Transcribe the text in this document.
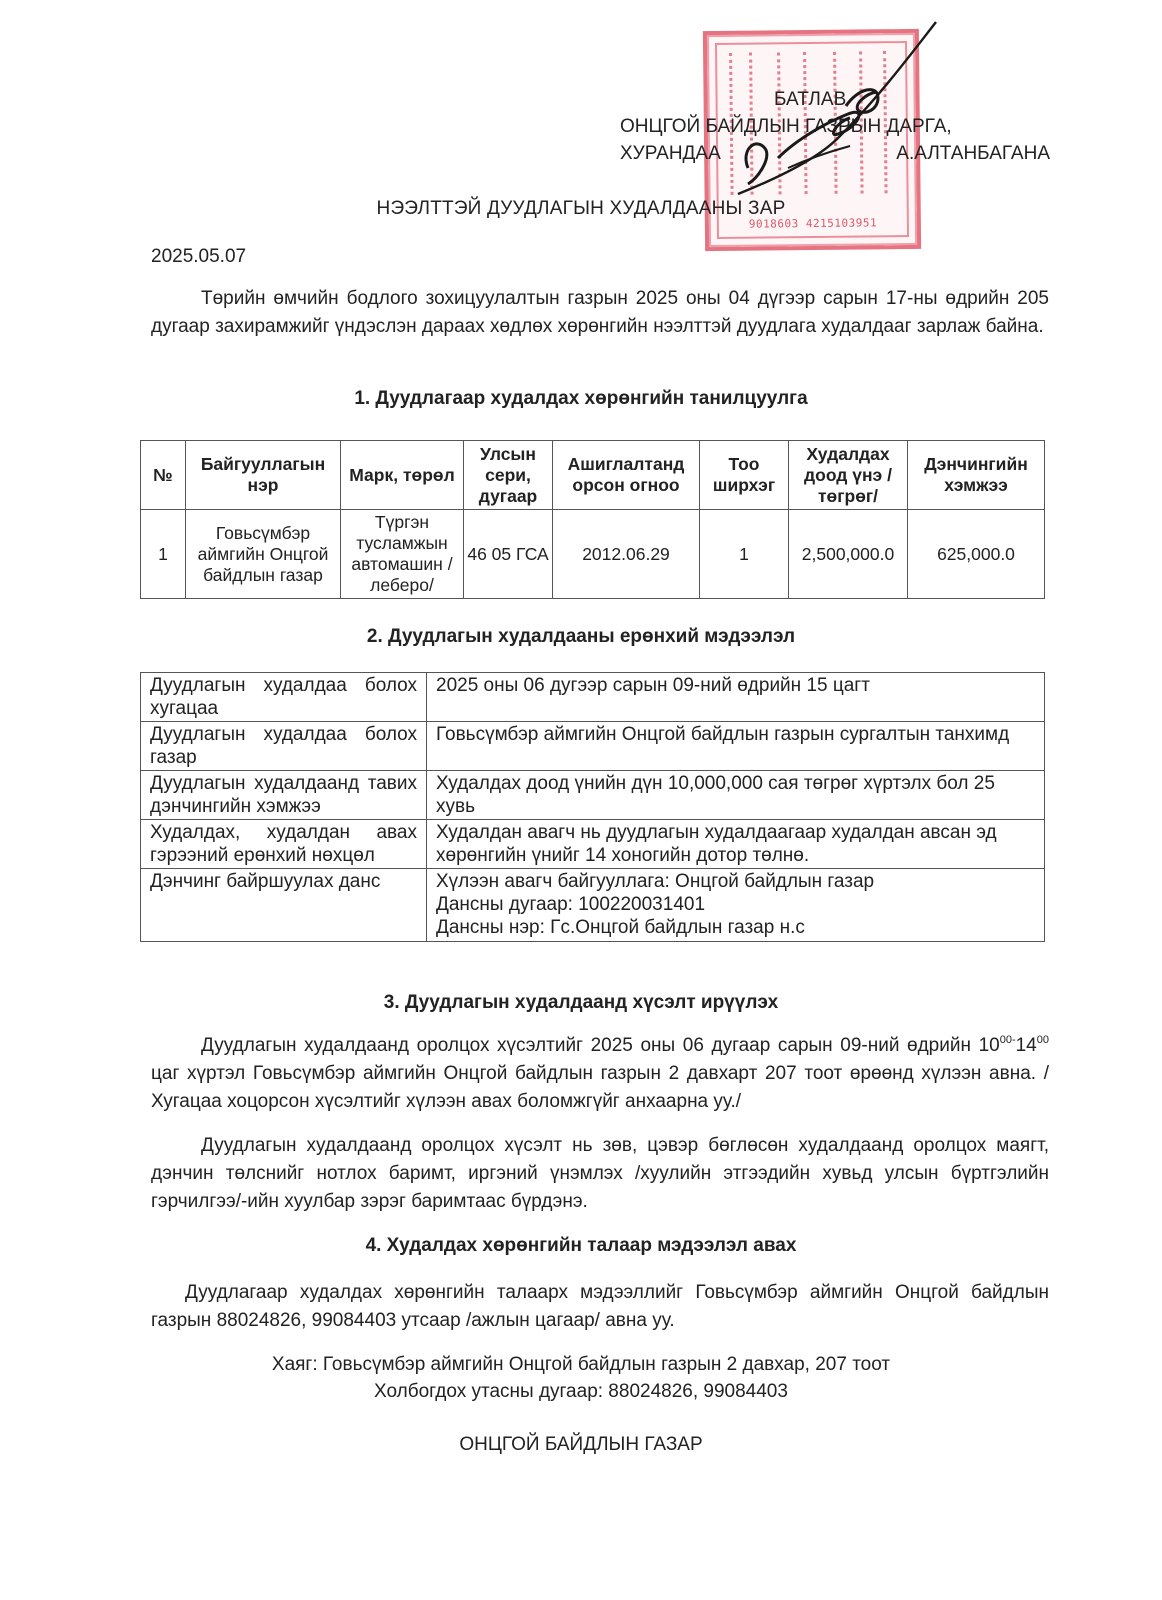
9018603 4215103951
БАТЛАВ
ОНЦГОЙ БАЙДЛЫН ГАЗРЫН ДАРГА,
ХУРАНДАА	А.АЛТАНБАГАНА
НЭЭЛТТЭЙ ДУУДЛАГЫН ХУДАЛДААНЫ ЗАР
2025.05.07
Төрийн өмчийн бодлого зохицуулалтын газрын 2025 оны 04 дүгээр сарын 17-ны өдрийн 205 дугаар захирамжийг үндэслэн дараах хөдлөх хөрөнгийн нээлттэй дуудлага худалдааг зарлаж байна.
1. Дуудлагаар худалдах хөрөнгийн танилцуулга
№	Байгууллагын нэр	Марк, төрөл	Улсын сери, дугаар	Ашиглалтанд орсон огноо	Тоо ширхэг	Худалдах доод үнэ /төгрөг/	Дэнчингийн хэмжээ
1	Говьсүмбэр аймгийн Онцгой байдлын газар	Түргэн тусламжын автомашин /леберо/	46 05 ГСА	2012.06.29	1	2,500,000.0	625,000.0
2. Дуудлагын худалдааны ерөнхий мэдээлэл
Дуудлагын худалдаа болох хугацаа	2025 оны 06 дугээр сарын 09-ний өдрийн 15 цагт
Дуудлагын худалдаа болох газар	Говьсүмбэр аймгийн Онцгой байдлын газрын сургалтын танхимд
Дуудлагын худалдаанд тавих дэнчингийн хэмжээ	Худалдах доод үнийн дүн 10,000,000 сая төгрөг хүртэлх бол 25 хувь
Худалдах, худалдан авах гэрээний ерөнхий нөхцөл	Худалдан авагч нь дуудлагын худалдаагаар худалдан авсан эд хөрөнгийн үнийг 14 хоногийн дотор төлнө.
Дэнчинг байршуулах данс	Хүлээн авагч байгууллага: Онцгой байдлын газар
Дансны дугаар: 100220031401
Дансны нэр: Гс.Онцгой байдлын газар н.с
3. Дуудлагын худалдаанд хүсэлт ирүүлэх
Дуудлагын худалдаанд оролцох хүсэлтийг 2025 оны 06 дугаар сарын 09-ний өдрийн $10^{00-}14^{00}$ цаг хүртэл Говьсүмбэр аймгийн Онцгой байдлын газрын 2 давхарт 207 тоот өрөөнд хүлээн авна. /Хугацаа хоцорсон хүсэлтийг хүлээн авах боломжгүйг анхаарна уу./
Дуудлагын худалдаанд оролцох хүсэлт нь зөв, цэвэр бөглөсөн худалдаанд оролцох маягт, дэнчин төлснийг нотлох баримт, иргэний үнэмлэх /хуулийн этгээдийн хувьд улсын бүртгэлийн гэрчилгээ/-ийн хуулбар зэрэг баримтаас бүрдэнэ.
4. Худалдах хөрөнгийн талаар мэдээлэл авах
Дуудлагаар худалдах хөрөнгийн талаарх мэдээллийг Говьсүмбэр аймгийн Онцгой байдлын газрын 88024826, 99084403 утсаар /ажлын цагаар/ авна уу.
Хаяг: Говьсүмбэр аймгийн Онцгой байдлын газрын 2 давхар, 207 тоот
Холбогдох утасны дугаар: 88024826, 99084403
ОНЦГОЙ БАЙДЛЫН ГАЗАР
